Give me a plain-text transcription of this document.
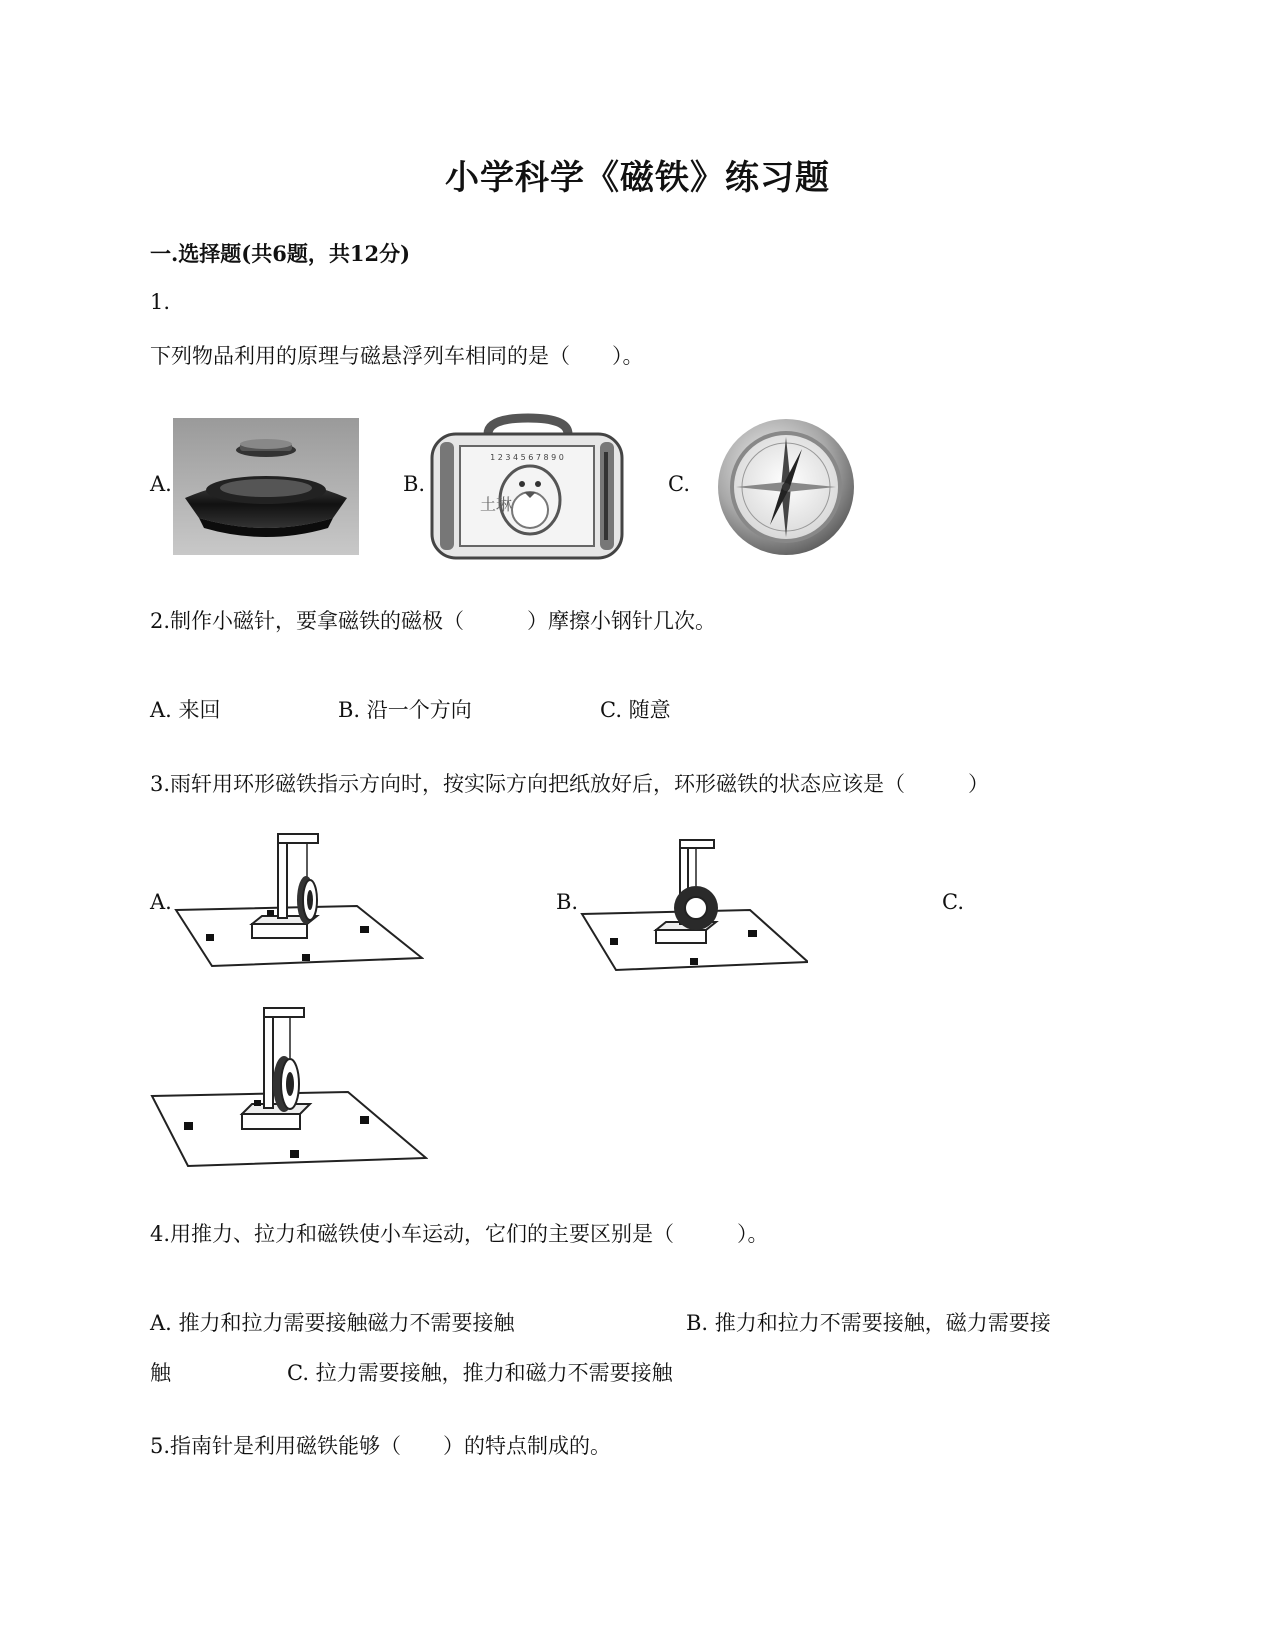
小学科学《磁铁》练习题
一.选择题(共6题，共12分)
1.
下列物品利用的原理与磁悬浮列车相同的是（　　）。
A.	B.
1 2 3 4 5 6 7 8 9 0
土琳
C.
2.制作小磁针，要拿磁铁的磁极（　　　）摩擦小钢针几次。
A. 来回	B. 沿一个方向	C. 随意
3.雨轩用环形磁铁指示方向时，按实际方向把纸放好后，环形磁铁的状态应该是（　　　）
A.	B.	C.
4.用推力、拉力和磁铁使小车运动，它们的主要区别是（　　　）。
A. 推力和拉力需要接触磁力不需要接触	B. 推力和拉力不需要接触，磁力需要接
触	C. 拉力需要接触，推力和磁力不需要接触
5.指南针是利用磁铁能够（　　）的特点制成的。
